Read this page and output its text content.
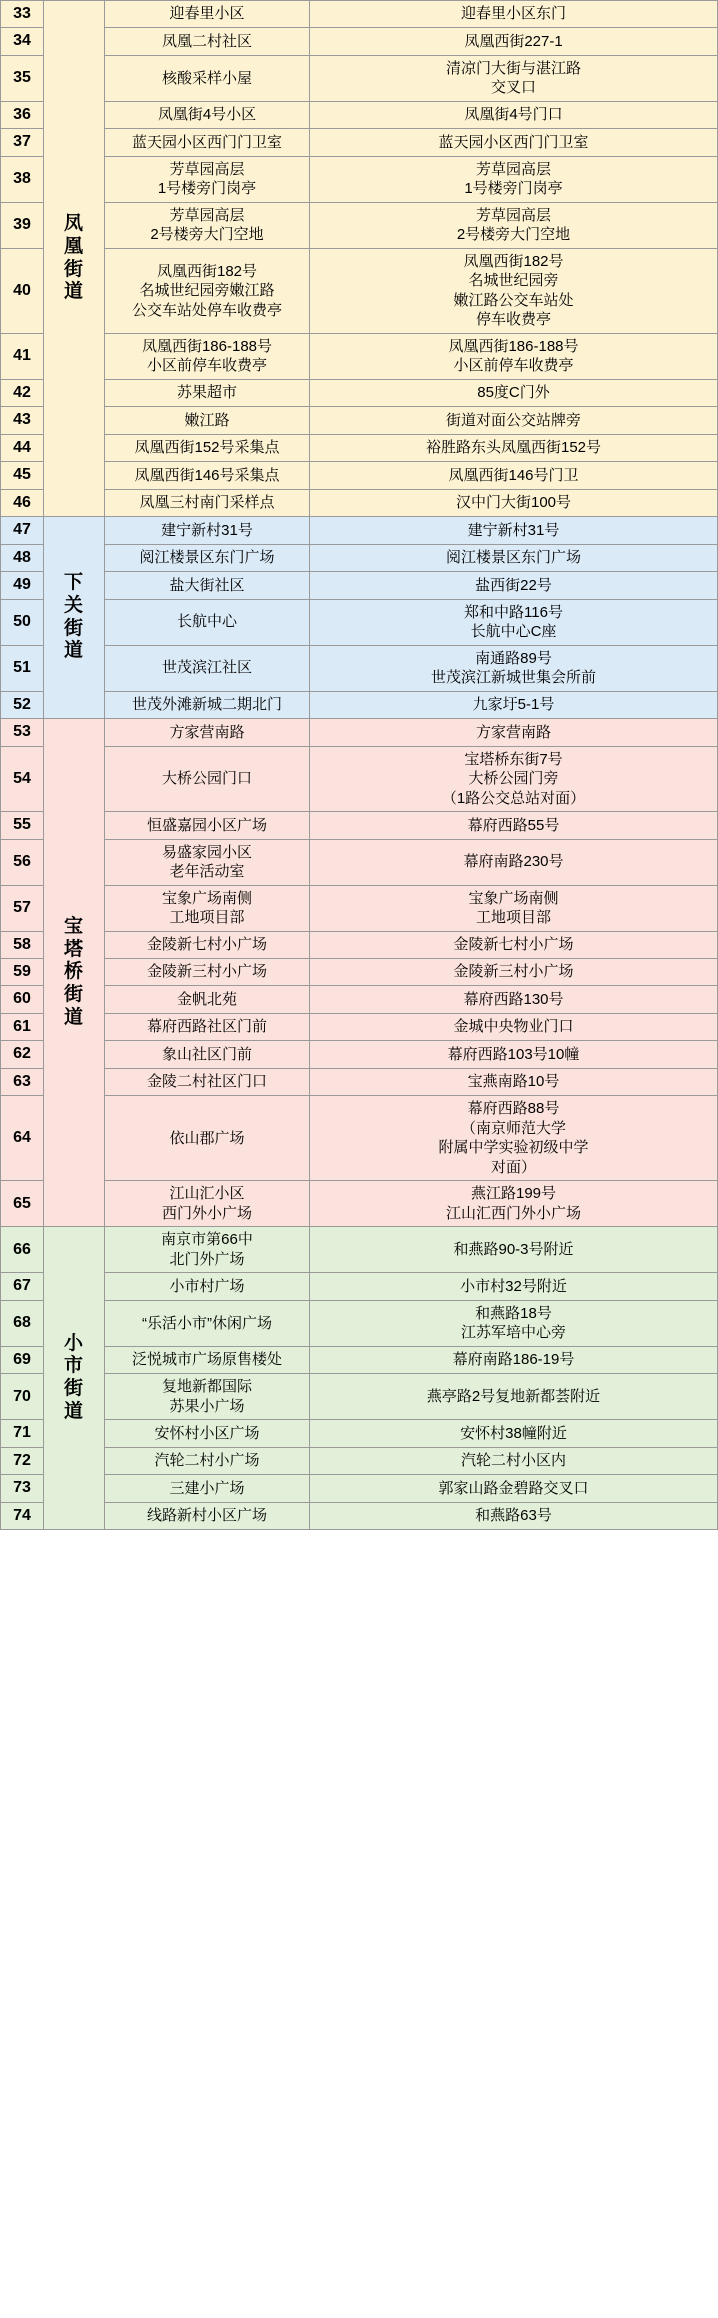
33	凤
凰
街
道	迎春里小区	迎春里小区东门
34		凤凰二村社区	凤凰西街227-1
35		核酸采样小屋	清凉门大街与湛江路
交叉口
36		凤凰街4号小区	凤凰街4号门口
37		蓝天园小区西门门卫室	蓝天园小区西门门卫室
38		芳草园高层
1号楼旁门岗亭	芳草园高层
1号楼旁门岗亭
39		芳草园高层
2号楼旁大门空地	芳草园高层
2号楼旁大门空地
40		凤凰西街182号
名城世纪园旁嫩江路
公交车站处停车收费亭	凤凰西街182号
名城世纪园旁
嫩江路公交车站处
停车收费亭
41		凤凰西街186-188号
小区前停车收费亭	凤凰西街186-188号
小区前停车收费亭
42		苏果超市	85度C门外
43		嫩江路	街道对面公交站牌旁
44		凤凰西街152号采集点	裕胜路东头凤凰西街152号
45		凤凰西街146号采集点	凤凰西街146号门卫
46		凤凰三村南门采样点	汉中门大街100号
47	下
关
街
道	建宁新村31号	建宁新村31号
48		阅江楼景区东门广场	阅江楼景区东门广场
49		盐大街社区	盐西街22号
50		长航中心	郑和中路116号
长航中心C座
51		世茂滨江社区	南通路89号
世茂滨江新城世集会所前
52		世茂外滩新城二期北门	九家圩5-1号
53	宝
塔
桥
街
道	方家营南路	方家营南路
54		大桥公园门口	宝塔桥东街7号
大桥公园门旁
（1路公交总站对面）
55		恒盛嘉园小区广场	幕府西路55号
56		易盛家园小区
老年活动室	幕府南路230号
57		宝象广场南侧
工地项目部	宝象广场南侧
工地项目部
58		金陵新七村小广场	金陵新七村小广场
59		金陵新三村小广场	金陵新三村小广场
60		金帆北苑	幕府西路130号
61		幕府西路社区门前	金城中央物业门口
62		象山社区门前	幕府西路103号10幢
63		金陵二村社区门口	宝燕南路10号
64		依山郡广场	幕府西路88号
（南京师范大学
附属中学实验初级中学
对面）
65		江山汇小区
西门外小广场	燕江路199号
江山汇西门外小广场
66	小
市
街
道	南京市第66中
北门外广场	和燕路90-3号附近
67		小市村广场	小市村32号附近
68		“乐活小市”休闲广场	和燕路18号
江苏军培中心旁
69		泛悦城市广场原售楼处	幕府南路186-19号
70		复地新都国际
苏果小广场	燕亭路2号复地新都荟附近
71		安怀村小区广场	安怀村38幢附近
72		汽轮二村小广场	汽轮二村小区内
73		三建小广场	郭家山路金碧路交叉口
74		线路新村小区广场	和燕路63号
